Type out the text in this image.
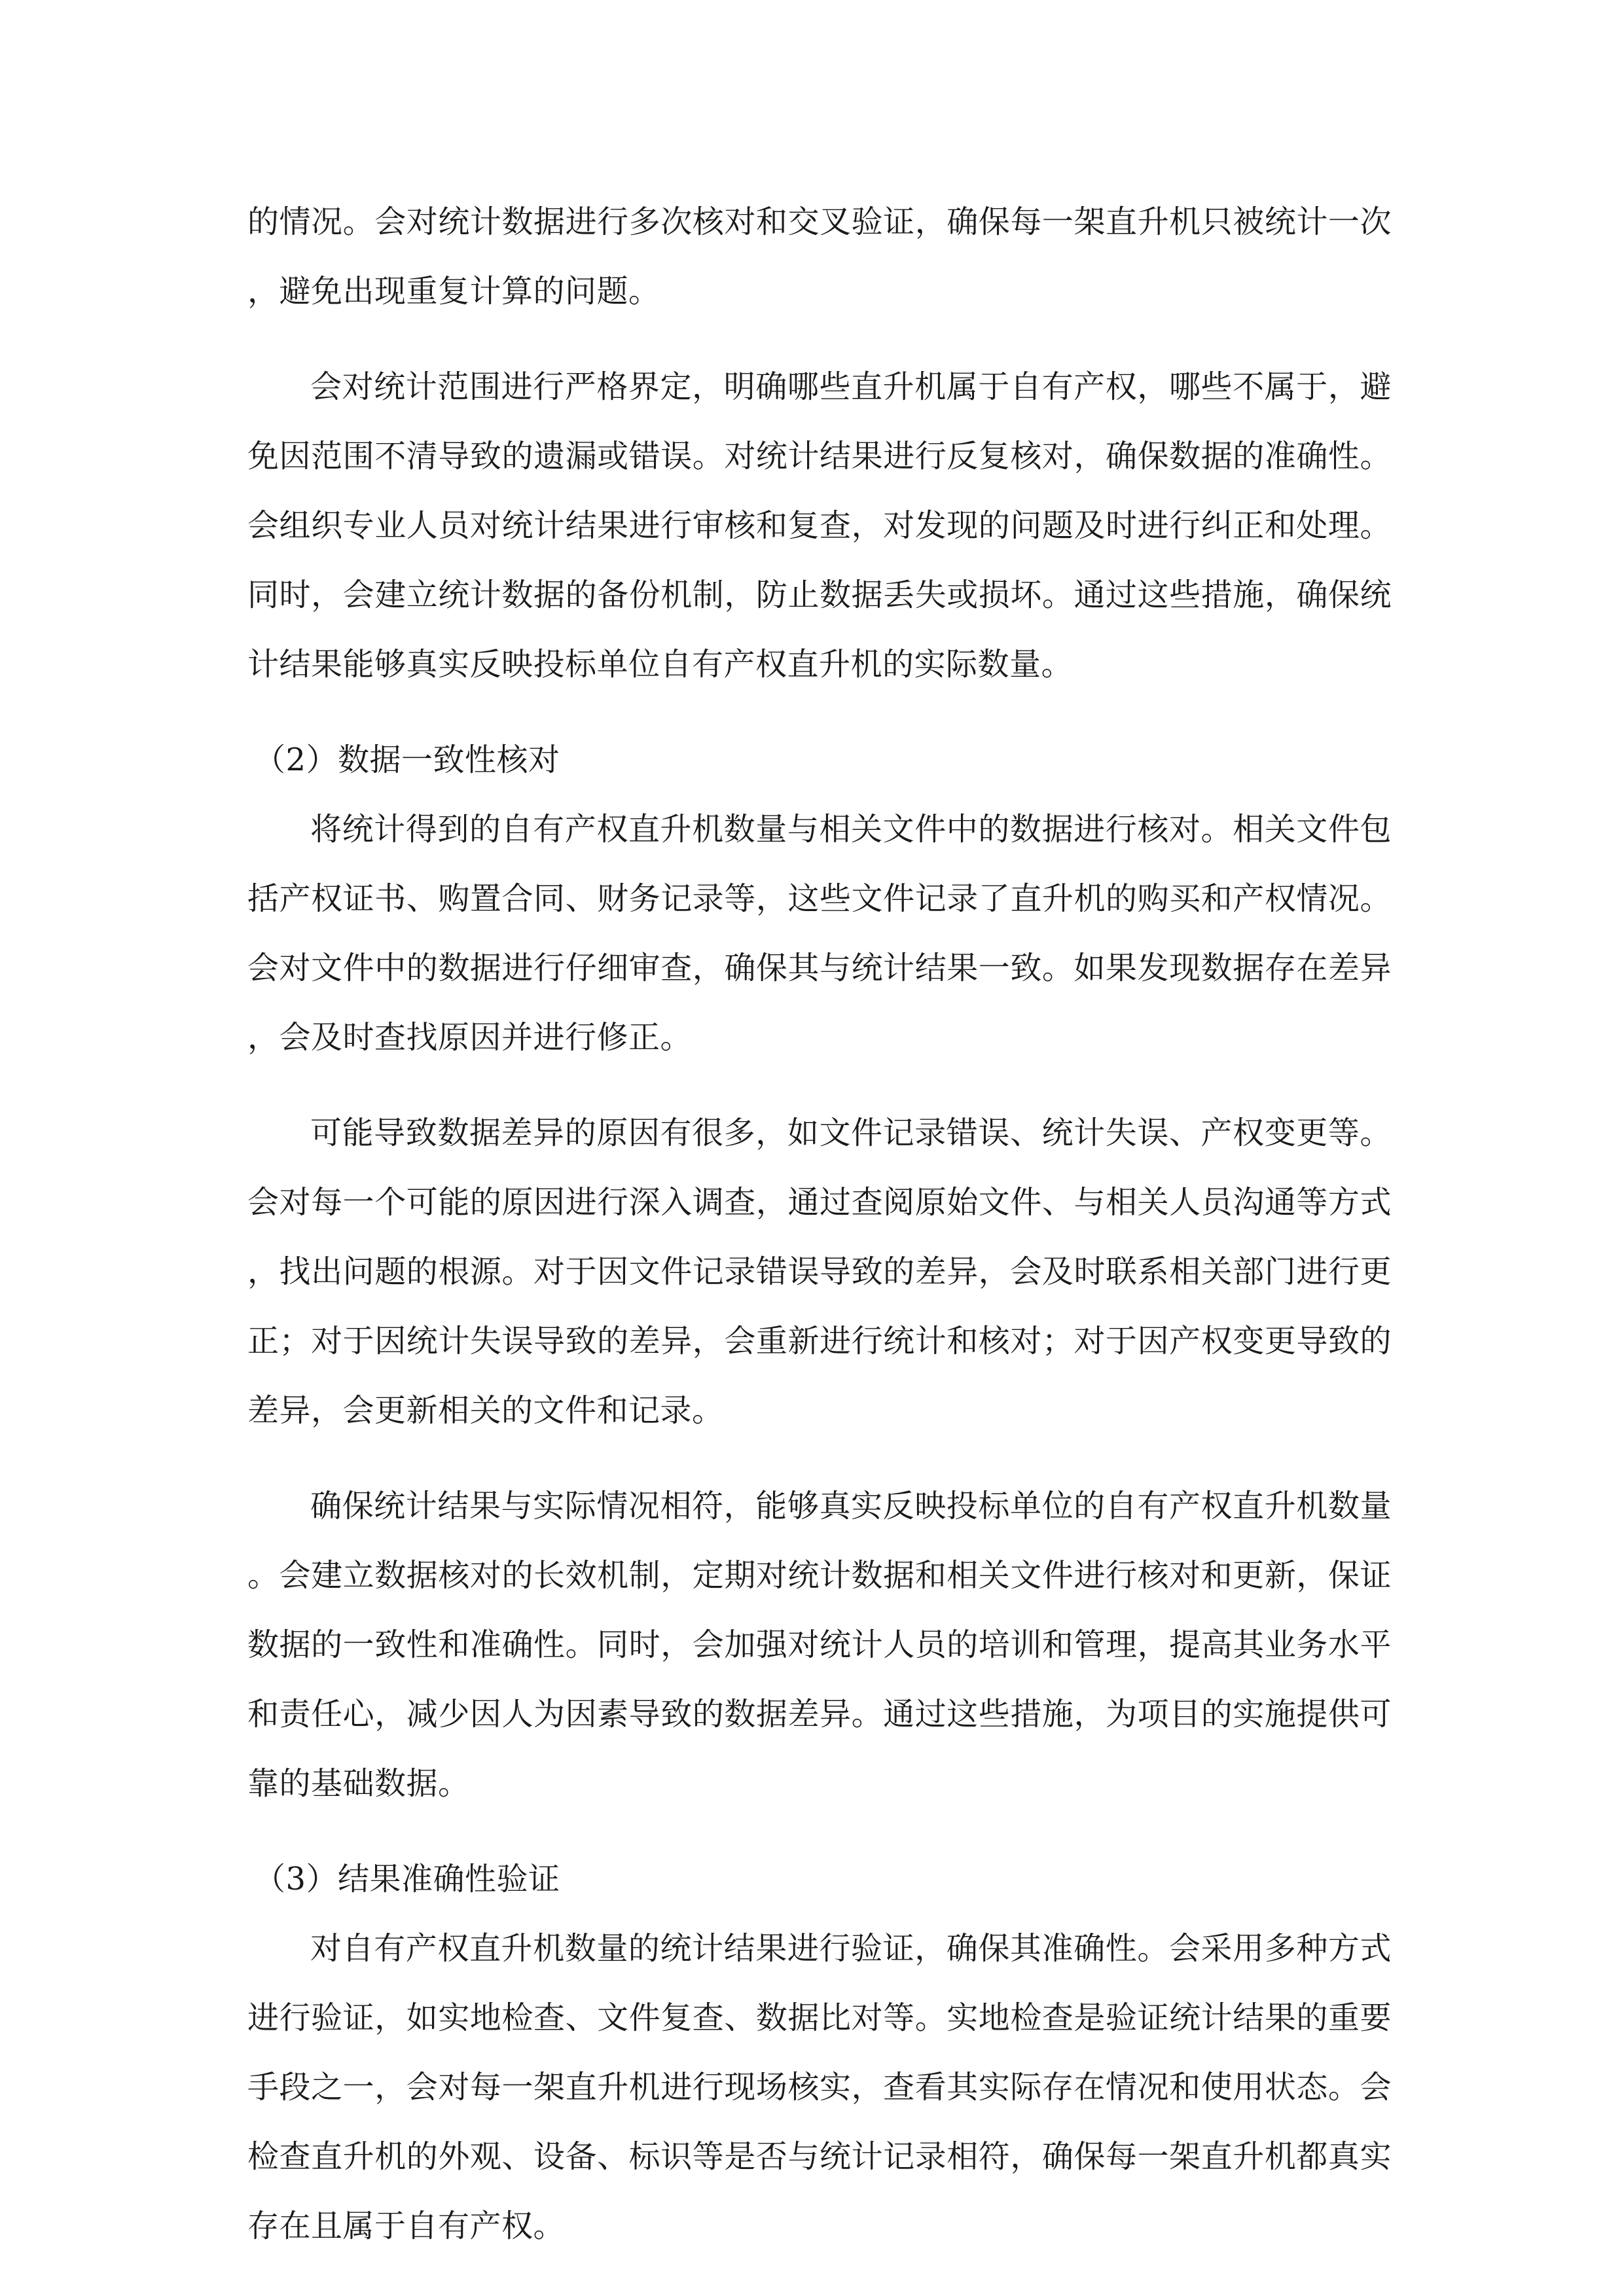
的情况。会对统计数据进行多次核对和交叉验证，确保每一架直升机只被统计一次，避免出现重复计算的问题。

会对统计范围进行严格界定，明确哪些直升机属于自有产权，哪些不属于，避免因范围不清导致的遗漏或错误。对统计结果进行反复核对，确保数据的准确性。会组织专业人员对统计结果进行审核和复查，对发现的问题及时进行纠正和处理。同时，会建立统计数据的备份机制，防止数据丢失或损坏。通过这些措施，确保统计结果能够真实反映投标单位自有产权直升机的实际数量。

（2）数据一致性核对

将统计得到的自有产权直升机数量与相关文件中的数据进行核对。相关文件包括产权证书、购置合同、财务记录等，这些文件记录了直升机的购买和产权情况。会对文件中的数据进行仔细审查，确保其与统计结果一致。如果发现数据存在差异，会及时查找原因并进行修正。

可能导致数据差异的原因有很多，如文件记录错误、统计失误、产权变更等。会对每一个可能的原因进行深入调查，通过查阅原始文件、与相关人员沟通等方式，找出问题的根源。对于因文件记录错误导致的差异，会及时联系相关部门进行更正；对于因统计失误导致的差异，会重新进行统计和核对；对于因产权变更导致的差异，会更新相关的文件和记录。

确保统计结果与实际情况相符，能够真实反映投标单位的自有产权直升机数量。会建立数据核对的长效机制，定期对统计数据和相关文件进行核对和更新，保证数据的一致性和准确性。同时，会加强对统计人员的培训和管理，提高其业务水平和责任心，减少因人为因素导致的数据差异。通过这些措施，为项目的实施提供可靠的基础数据。

（3）结果准确性验证

对自有产权直升机数量的统计结果进行验证，确保其准确性。会采用多种方式进行验证，如实地检查、文件复查、数据比对等。实地检查是验证统计结果的重要手段之一，会对每一架直升机进行现场核实，查看其实际存在情况和使用状态。会检查直升机的外观、设备、标识等是否与统计记录相符，确保每一架直升机都真实存在且属于自有产权。
